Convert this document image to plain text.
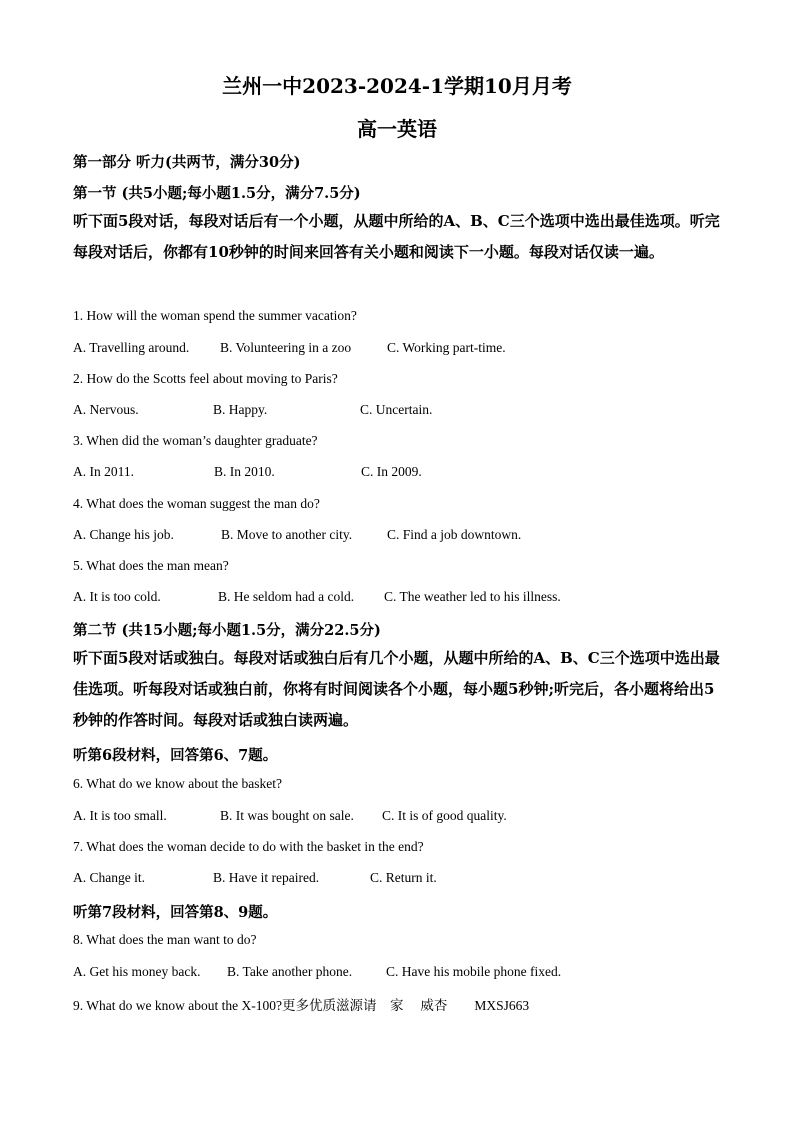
兰州一中2023-2024-1学期10月月考
高一英语
第一部分 听力(共两节，满分30分)
第一节 (共5小题;每小题1.5分，满分7.5分)
听下面5段对话，每段对话后有一个小题，从题中所给的A、B、C三个选项中选出最佳选项。听完每段对话后，你都有10秒钟的时间来回答有关小题和阅读下一小题。每段对话仅读一遍。
1. How will the woman spend the summer vacation?
A. Travelling around. B. Volunteering in a zoo	C. Working part-time.
2. How do the Scotts feel about moving to Paris?
A. Nervous.	B. Happy.	C. Uncertain.
3. When did the woman’s daughter graduate?
A. In 2011.	B. In 2010.	C. In 2009.
4. What does the woman suggest the man do?
A. Change his job.	B. Move to another city.	C. Find a job downtown.
5. What does the man mean?
A. It is too cold.	B. He seldom had a cold. C. The weather led to his illness.
第二节 (共15小题;每小题1.5分，满分22.5分)
听下面5段对话或独白。每段对话或独白后有几个小题，从题中所给的A、B、C三个选项中选出最佳选项。听每段对话或独白前，你将有时间阅读各个小题，每小题5秒钟;听完后，各小题将给出5秒钟的作答时间。每段对话或独白读两遍。
听第6段材料，回答第6、7题。
6. What do we know about the basket?
A. It is too small.	B. It was bought on sale. C. It is of good quality.
7. What does the woman decide to do with the basket in the end?
A. Change it.	B. Have it repaired.	C. Return it.
听第7段材料，回答第8、9题。
8. What does the man want to do?
A. Get his money back. B. Take another phone.	C. Have his mobile phone fixed.
9. What do we know about the X-100?更多优质滋源请　家　 威杏　　MXSJ663
